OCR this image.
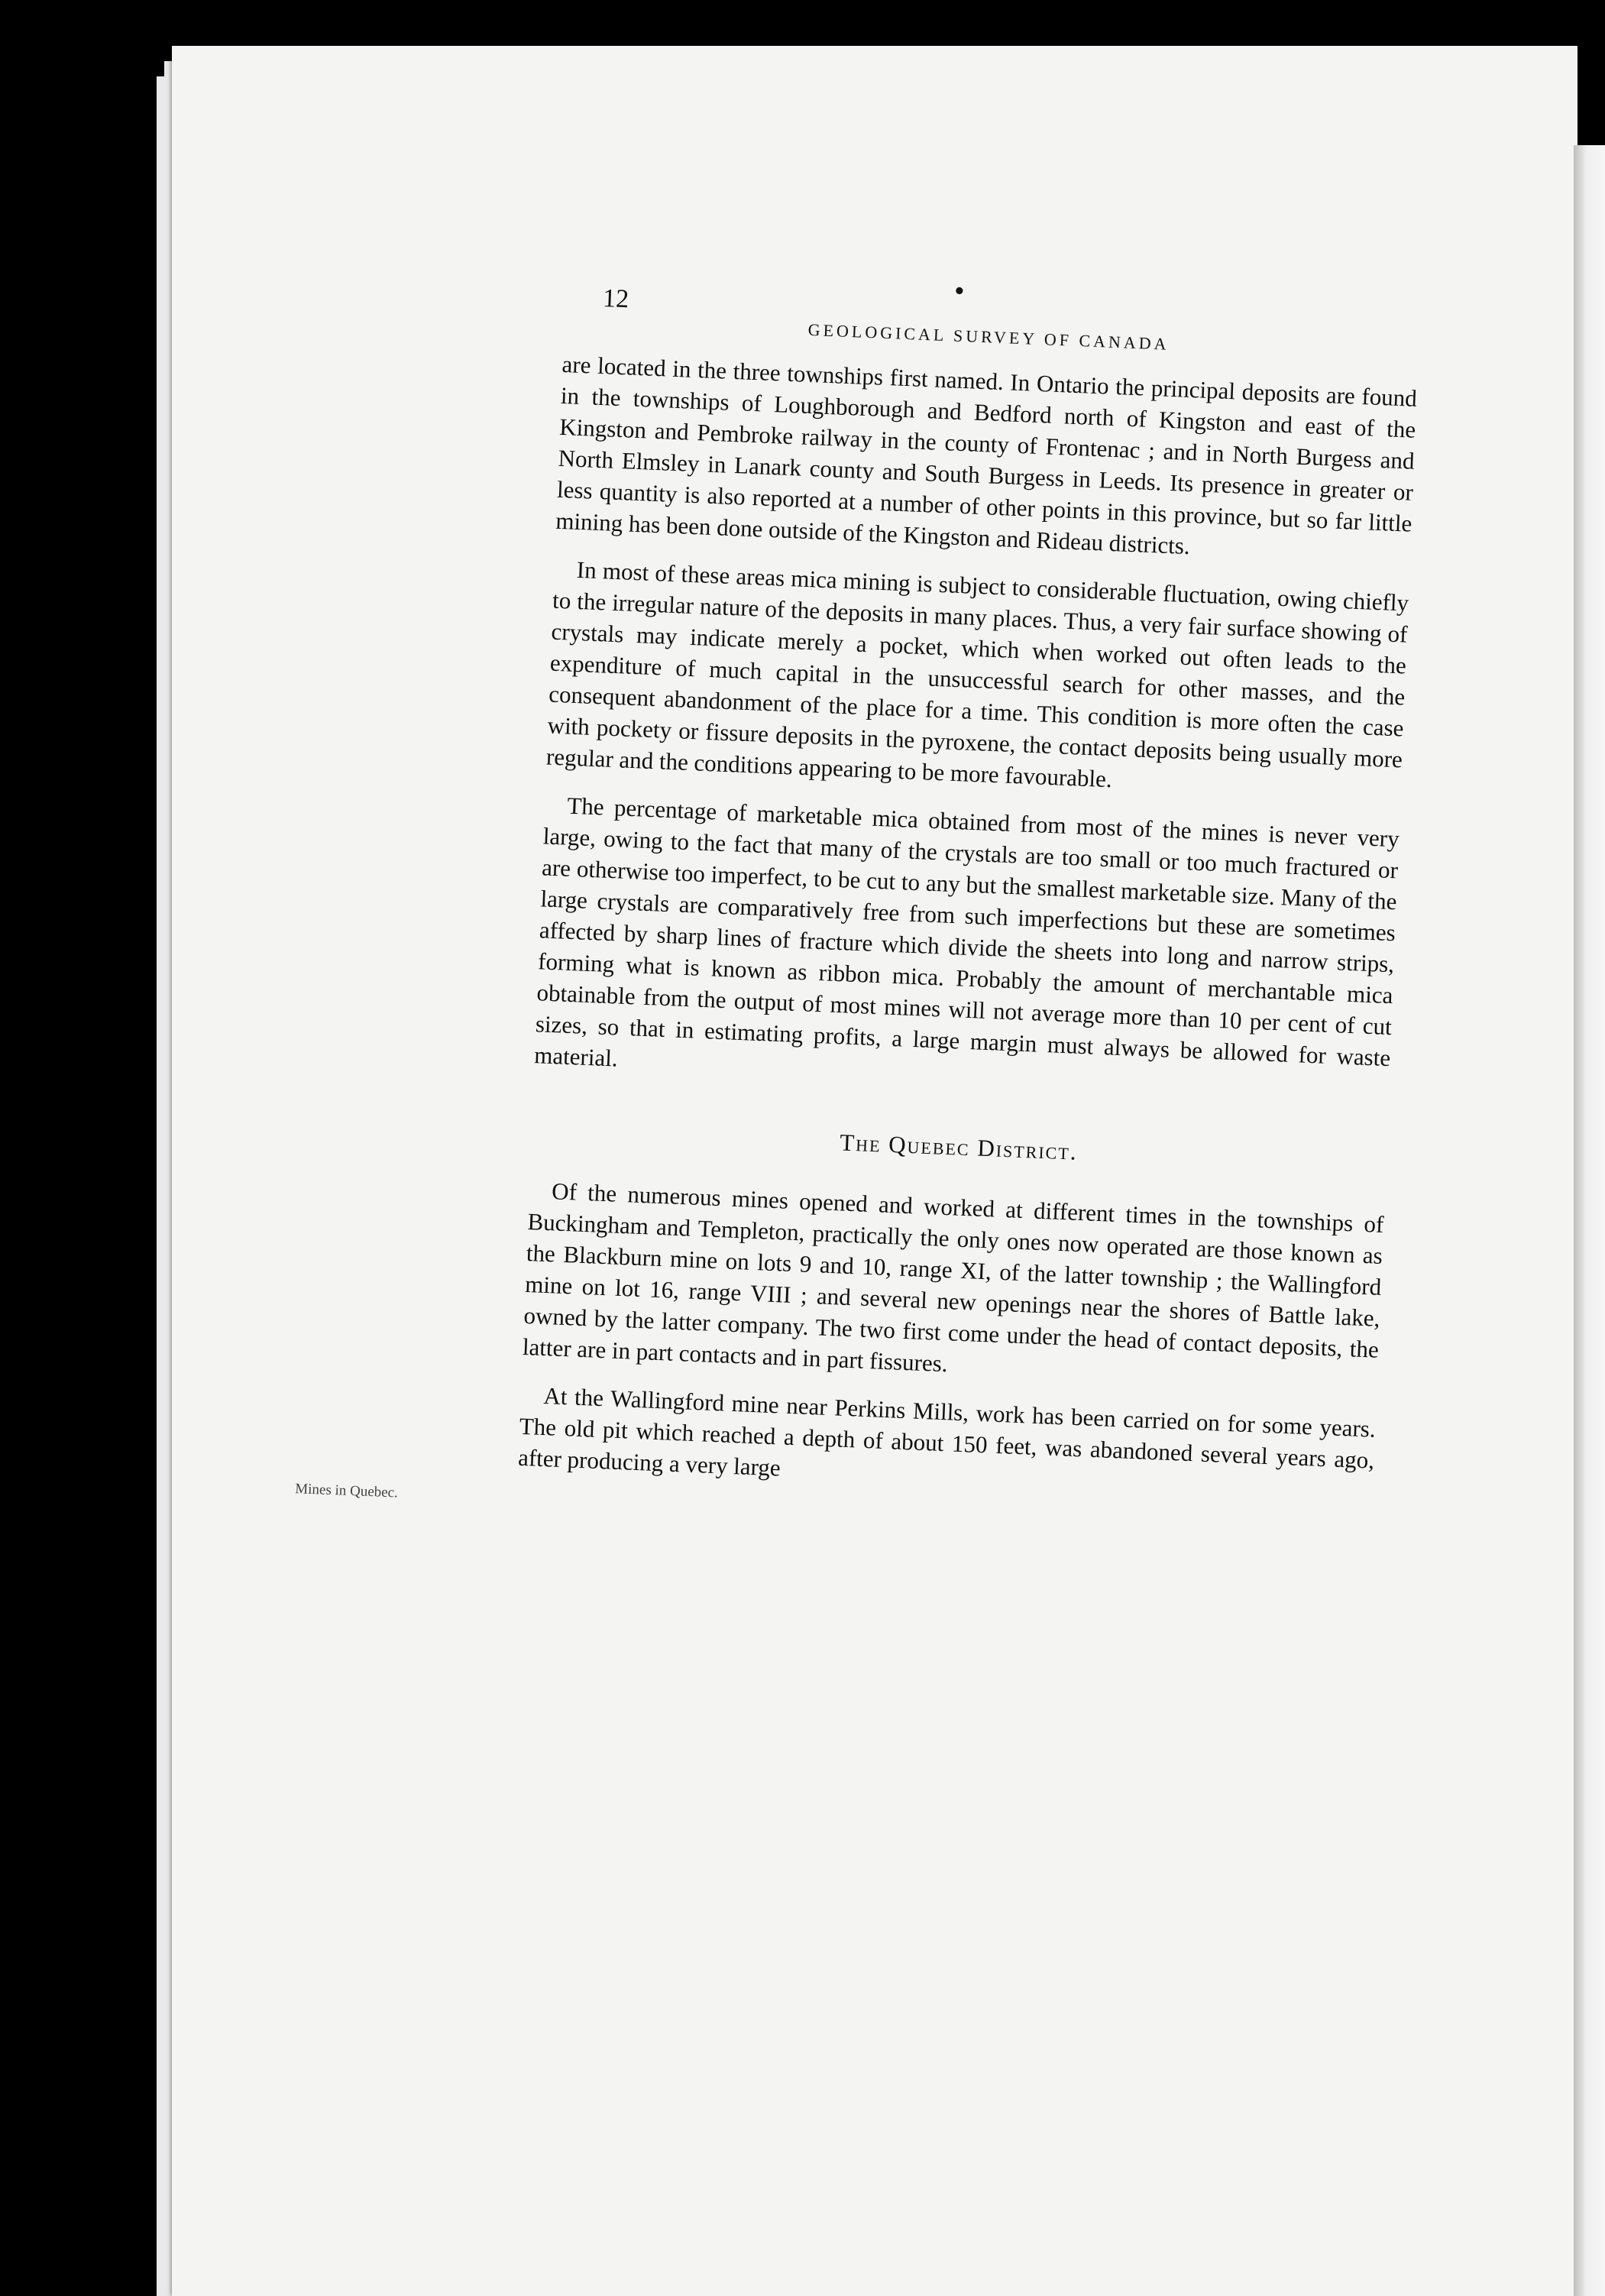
12	•
GEOLOGICAL SURVEY OF CANADA

are located in the three townships first named. In Ontario the principal deposits are found in the townships of Loughborough and Bedford north of Kingston and east of the Kingston and Pembroke railway in the county of Frontenac ; and in North Burgess and North Elmsley in Lanark county and South Burgess in Leeds. Its presence in greater or less quantity is also reported at a number of other points in this province, but so far little mining has been done outside of the Kingston and Rideau districts.

In most of these areas mica mining is subject to considerable fluctuation, owing chiefly to the irregular nature of the deposits in many places. Thus, a very fair surface showing of crystals may indicate merely a pocket, which when worked out often leads to the expenditure of much capital in the unsuccessful search for other masses, and the consequent abandonment of the place for a time. This condition is more often the case with pockety or fissure deposits in the pyroxene, the contact deposits being usually more regular and the conditions appearing to be more favourable.

The percentage of marketable mica obtained from most of the mines is never very large, owing to the fact that many of the crystals are too small or too much fractured or are otherwise too imperfect, to be cut to any but the smallest marketable size. Many of the large crystals are comparatively free from such imperfections but these are sometimes affected by sharp lines of fracture which divide the sheets into long and narrow strips, forming what is known as ribbon mica. Probably the amount of merchantable mica obtainable from the output of most mines will not average more than 10 per cent of cut sizes, so that in estimating profits, a large margin must always be allowed for waste material.

The Quebec District.

Of the numerous mines opened and worked at different times in the townships of Buckingham and Templeton, practically the only ones now operated are those known as the Blackburn mine on lots 9 and 10, range XI, of the latter township ; the Wallingford mine on lot 16, range VIII ; and several new openings near the shores of Battle lake, owned by the latter company. The two first come under the head of contact deposits, the latter are in part contacts and in part fissures.

At the Wallingford mine near Perkins Mills, work has been carried on for some years. The old pit which reached a depth of about 150 feet, was abandoned several years ago, after producing a very large

Mines in Quebec.
